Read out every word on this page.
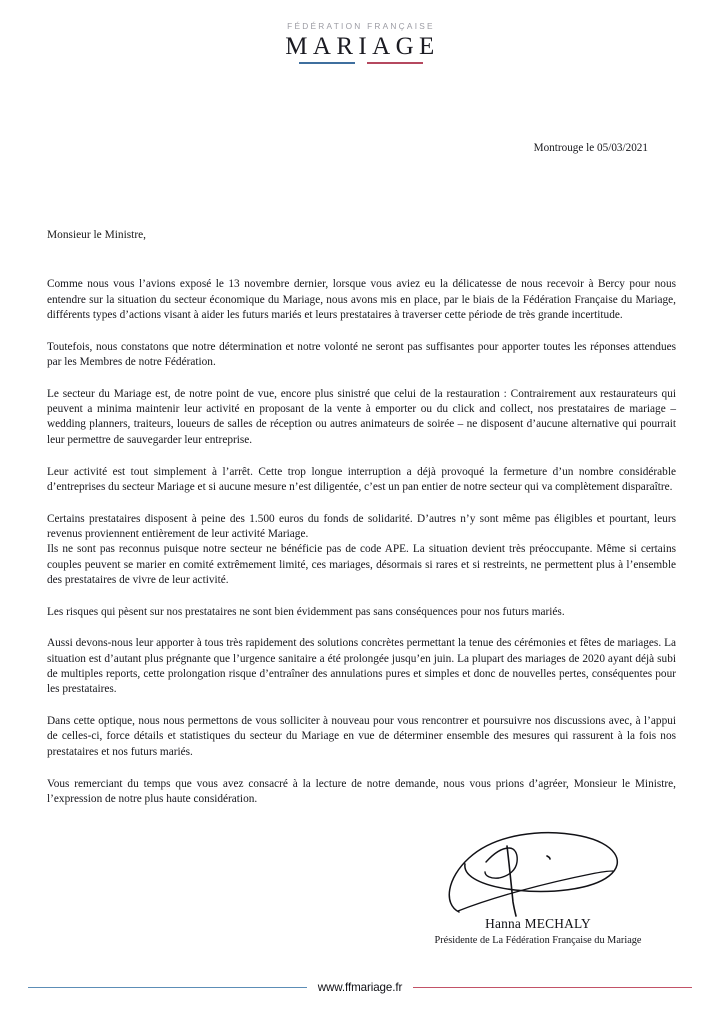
FÉDÉRATION FRANÇAISE
MARIAGE
Montrouge le 05/03/2021

Monsieur le Ministre,

Comme nous vous l’avions exposé le 13 novembre dernier, lorsque vous aviez eu la délicatesse de nous recevoir à Bercy pour nous entendre sur la situation du secteur économique du Mariage, nous avons mis en place, par le biais de la Fédération Française du Mariage, différents types d’actions visant à aider les futurs mariés et leurs prestataires à traverser cette période de très grande incertitude.

Toutefois, nous constatons que notre détermination et notre volonté ne seront pas suffisantes pour apporter toutes les réponses attendues par les Membres de notre Fédération.

Le secteur du Mariage est, de notre point de vue, encore plus sinistré que celui de la restauration : Contrairement aux restaurateurs qui peuvent a minima maintenir leur activité en proposant de la vente à emporter ou du click and collect, nos prestataires de mariage – wedding planners, traiteurs, loueurs de salles de réception ou autres animateurs de soirée – ne disposent d’aucune alternative qui pourrait leur permettre de sauvegarder leur entreprise.

Leur activité est tout simplement à l’arrêt. Cette trop longue interruption a déjà provoqué la fermeture d’un nombre considérable d’entreprises du secteur Mariage et si aucune mesure n’est diligentée, c’est un pan entier de notre secteur qui va complètement disparaître.

Certains prestataires disposent à peine des 1.500 euros du fonds de solidarité. D’autres n’y sont même pas éligibles et pourtant, leurs revenus proviennent entièrement de leur activité Mariage.

Ils ne sont pas reconnus puisque notre secteur ne bénéficie pas de code APE. La situation devient très préoccupante. Même si certains couples peuvent se marier en comité extrêmement limité, ces mariages, désormais si rares et si restreints, ne permettent plus à l’ensemble des prestataires de vivre de leur activité.

Les risques qui pèsent sur nos prestataires ne sont bien évidemment pas sans conséquences pour nos futurs mariés.

Aussi devons-nous leur apporter à tous très rapidement des solutions concrètes permettant la tenue des cérémonies et fêtes de mariages. La situation est d’autant plus prégnante que l’urgence sanitaire a été prolongée jusqu’en juin. La plupart des mariages de 2020 ayant déjà subi de multiples reports, cette prolongation risque d’entraîner des annulations pures et simples et donc de nouvelles pertes, conséquentes pour les prestataires.

Dans cette optique, nous nous permettons de vous solliciter à nouveau pour vous rencontrer et poursuivre nos discussions avec, à l’appui de celles-ci, force détails et statistiques du secteur du Mariage en vue de déterminer ensemble des mesures qui rassurent à la fois nos prestataires et nos futurs mariés.

Vous remerciant du temps que vous avez consacré à la lecture de notre demande, nous vous prions d’agréer, Monsieur le Ministre, l’expression de notre plus haute considération.

Hanna MECHALY
Présidente de La Fédération Française du Mariage
www.ffmariage.fr
